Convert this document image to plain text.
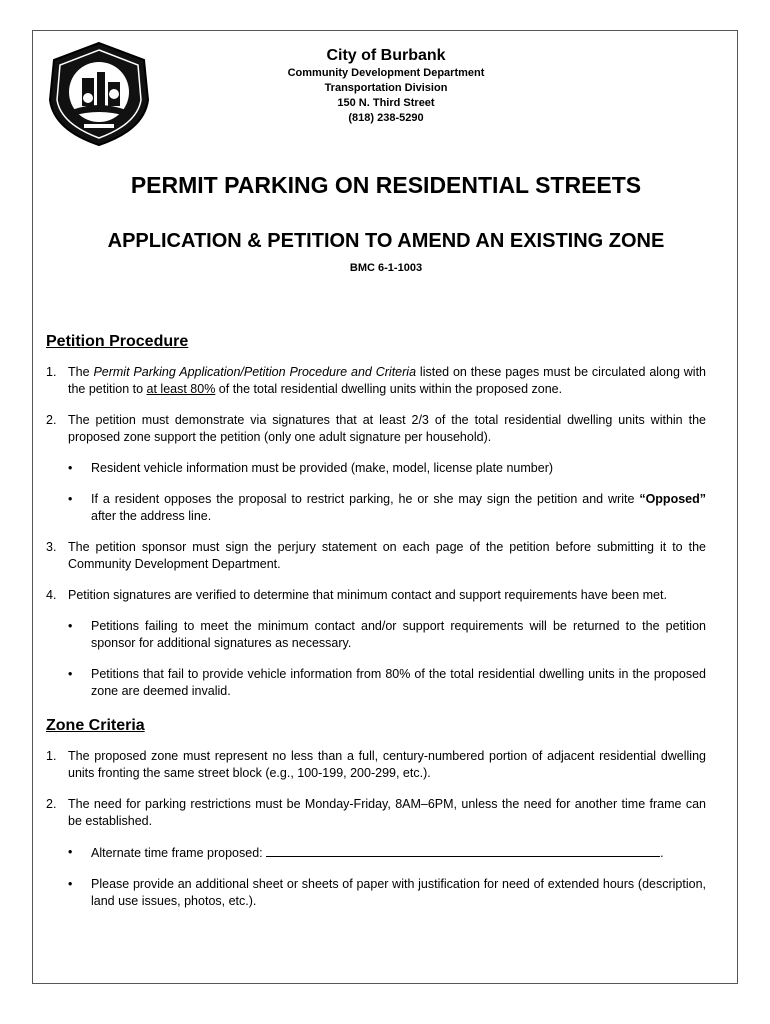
City of Burbank
Community Development Department
Transportation Division
150 N. Third Street
(818) 238-5290
PERMIT PARKING ON RESIDENTIAL STREETS
APPLICATION & PETITION TO AMEND AN EXISTING ZONE
BMC 6-1-1003
Petition Procedure
1. The Permit Parking Application/Petition Procedure and Criteria listed on these pages must be circulated along with the petition to at least 80% of the total residential dwelling units within the proposed zone.
2. The petition must demonstrate via signatures that at least 2/3 of the total residential dwelling units within the proposed zone support the petition (only one adult signature per household).
• Resident vehicle information must be provided (make, model, license plate number)
• If a resident opposes the proposal to restrict parking, he or she may sign the petition and write “Opposed” after the address line.
3. The petition sponsor must sign the perjury statement on each page of the petition before submitting it to the Community Development Department.
4. Petition signatures are verified to determine that minimum contact and support requirements have been met.
• Petitions failing to meet the minimum contact and/or support requirements will be returned to the petition sponsor for additional signatures as necessary.
• Petitions that fail to provide vehicle information from 80% of the total residential dwelling units in the proposed zone are deemed invalid.
Zone Criteria
1. The proposed zone must represent no less than a full, century-numbered portion of adjacent residential dwelling units fronting the same street block (e.g., 100-199, 200-299, etc.).
2. The need for parking restrictions must be Monday-Friday, 8AM–6PM, unless the need for another time frame can be established.
• Alternate time frame proposed:	.
• Please provide an additional sheet or sheets of paper with justification for need of extended hours (description, land use issues, photos, etc.).
